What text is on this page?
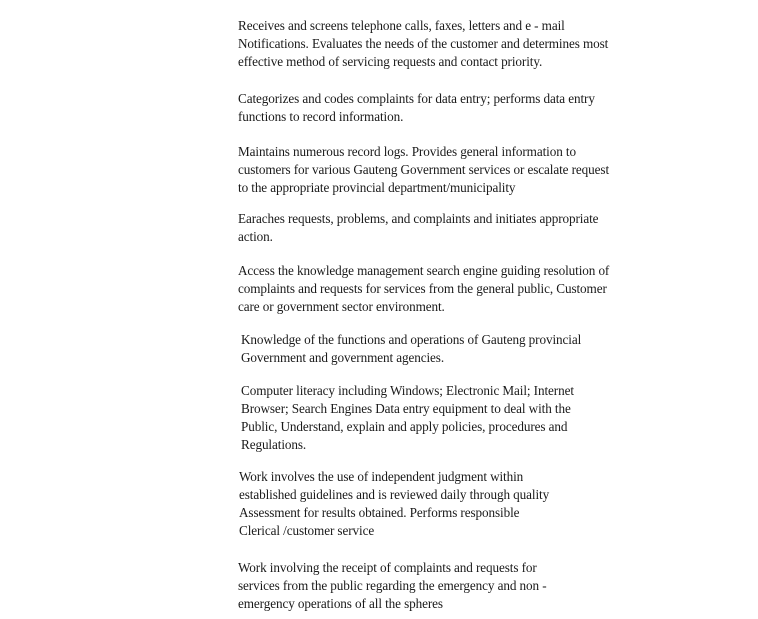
Receives and screens telephone calls, faxes, letters and e - mail
Notifications. Evaluates the needs of the customer and determines most
effective method of servicing requests and contact priority.

Categorizes and codes complaints for data entry; performs data entry
functions to record information.

Maintains numerous record logs. Provides general information to
customers for various Gauteng Government services or escalate request
to the appropriate provincial department/municipality

Earaches requests, problems, and complaints and initiates appropriate
action.

Access the knowledge management search engine guiding resolution of
complaints and requests for services from the general public, Customer
care or government sector environment.

Knowledge of the functions and operations of Gauteng provincial
Government and government agencies.

Computer literacy including Windows; Electronic Mail; Internet
Browser; Search Engines Data entry equipment to deal with the
Public, Understand, explain and apply policies, procedures and
Regulations.

Work involves the use of independent judgment within
established guidelines and is reviewed daily through quality
Assessment for results obtained. Performs responsible
Clerical /customer service

Work involving the receipt of complaints and requests for
services from the public regarding the emergency and non -
emergency operations of all the spheres
